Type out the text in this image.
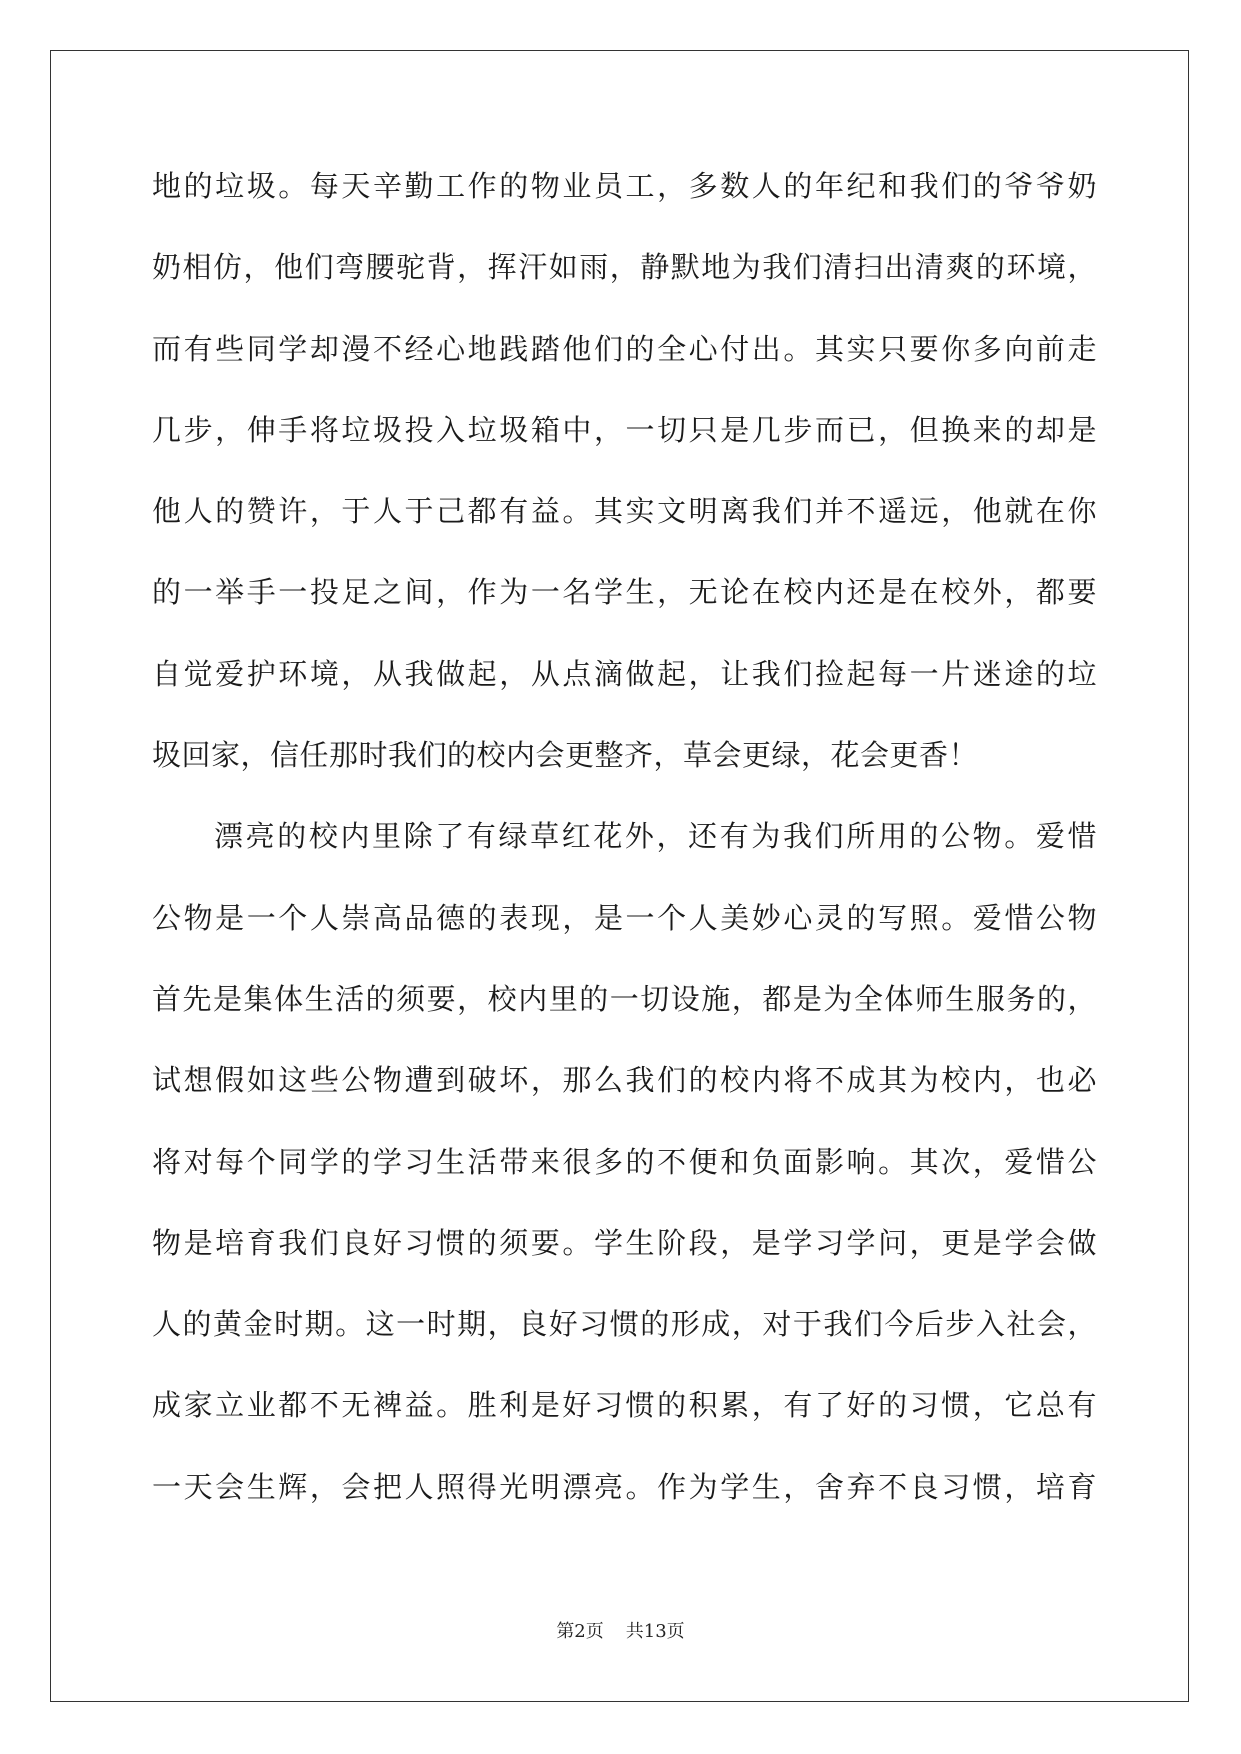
地的垃圾。每天辛勤工作的物业员工，多数人的年纪和我们的爷爷奶
奶相仿，他们弯腰驼背，挥汗如雨，静默地为我们清扫出清爽的环境，
而有些同学却漫不经心地践踏他们的全心付出。其实只要你多向前走
几步，伸手将垃圾投入垃圾箱中，一切只是几步而已，但换来的却是
他人的赞许，于人于己都有益。其实文明离我们并不遥远，他就在你
的一举手一投足之间，作为一名学生，无论在校内还是在校外，都要
自觉爱护环境，从我做起，从点滴做起，让我们捡起每一片迷途的垃
圾回家，信任那时我们的校内会更整齐，草会更绿，花会更香！
漂亮的校内里除了有绿草红花外，还有为我们所用的公物。爱惜
公物是一个人崇高品德的表现，是一个人美妙心灵的写照。爱惜公物
首先是集体生活的须要，校内里的一切设施，都是为全体师生服务的，
试想假如这些公物遭到破坏，那么我们的校内将不成其为校内，也必
将对每个同学的学习生活带来很多的不便和负面影响。其次，爱惜公
物是培育我们良好习惯的须要。学生阶段，是学习学问，更是学会做
人的黄金时期。这一时期，良好习惯的形成，对于我们今后步入社会，
成家立业都不无裨益。胜利是好习惯的积累，有了好的习惯，它总有
一天会生辉，会把人照得光明漂亮。作为学生，舍弃不良习惯，培育
第2页 共13页
